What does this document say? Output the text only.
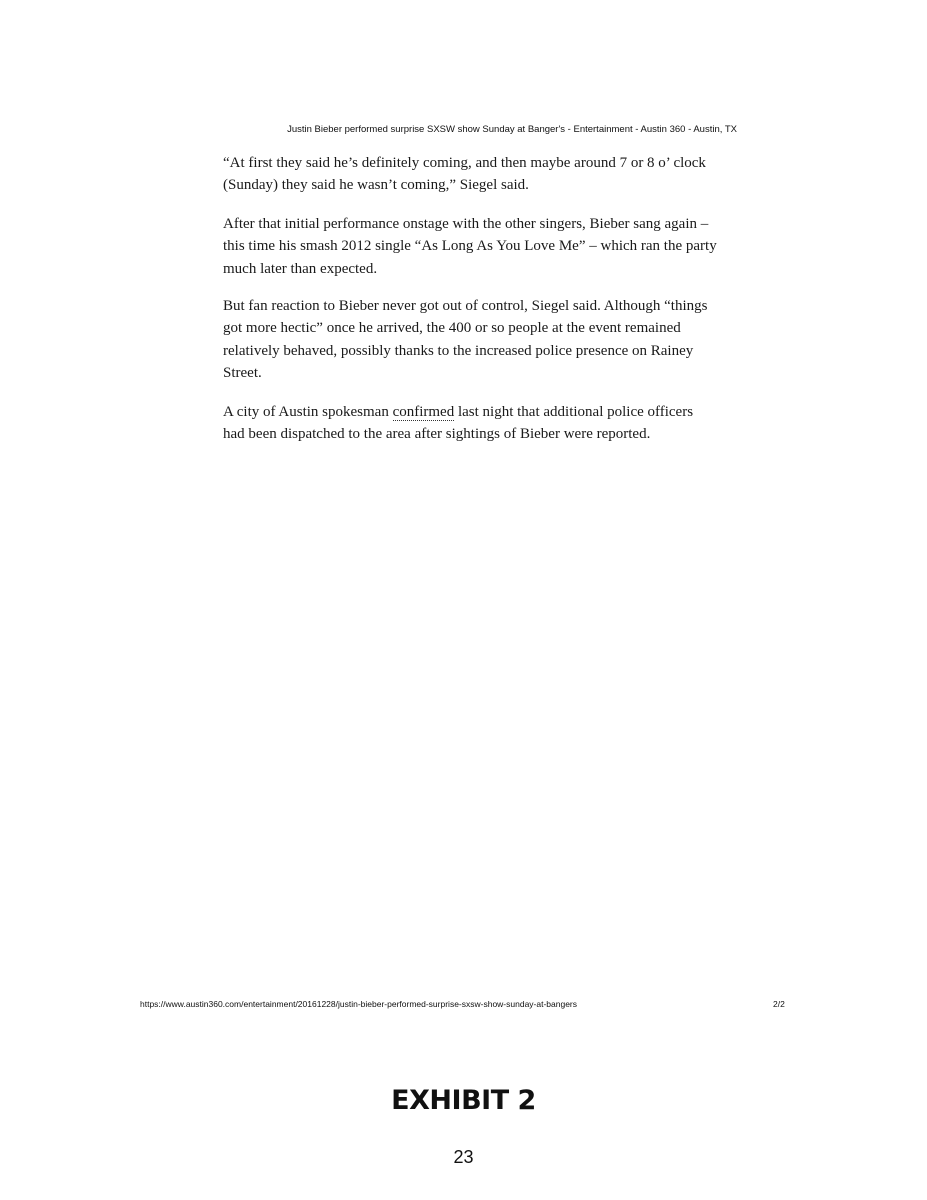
Justin Bieber performed surprise SXSW show Sunday at Banger's - Entertainment - Austin 360 - Austin, TX
“At first they said he’s definitely coming, and then maybe around 7 or 8 o’ clock
(Sunday) they said he wasn’t coming,” Siegel said.
After that initial performance onstage with the other singers, Bieber sang again –
this time his smash 2012 single “As Long As You Love Me” – which ran the party
much later than expected.
But fan reaction to Bieber never got out of control, Siegel said. Although “things
got more hectic” once he arrived, the 400 or so people at the event remained
relatively behaved, possibly thanks to the increased police presence on Rainey
Street.
A city of Austin spokesman confirmed last night that additional police officers
had been dispatched to the area after sightings of Bieber were reported.
https://www.austin360.com/entertainment/20161228/justin-bieber-performed-surprise-sxsw-show-sunday-at-bangers	2/2
EXHIBIT 2
23
